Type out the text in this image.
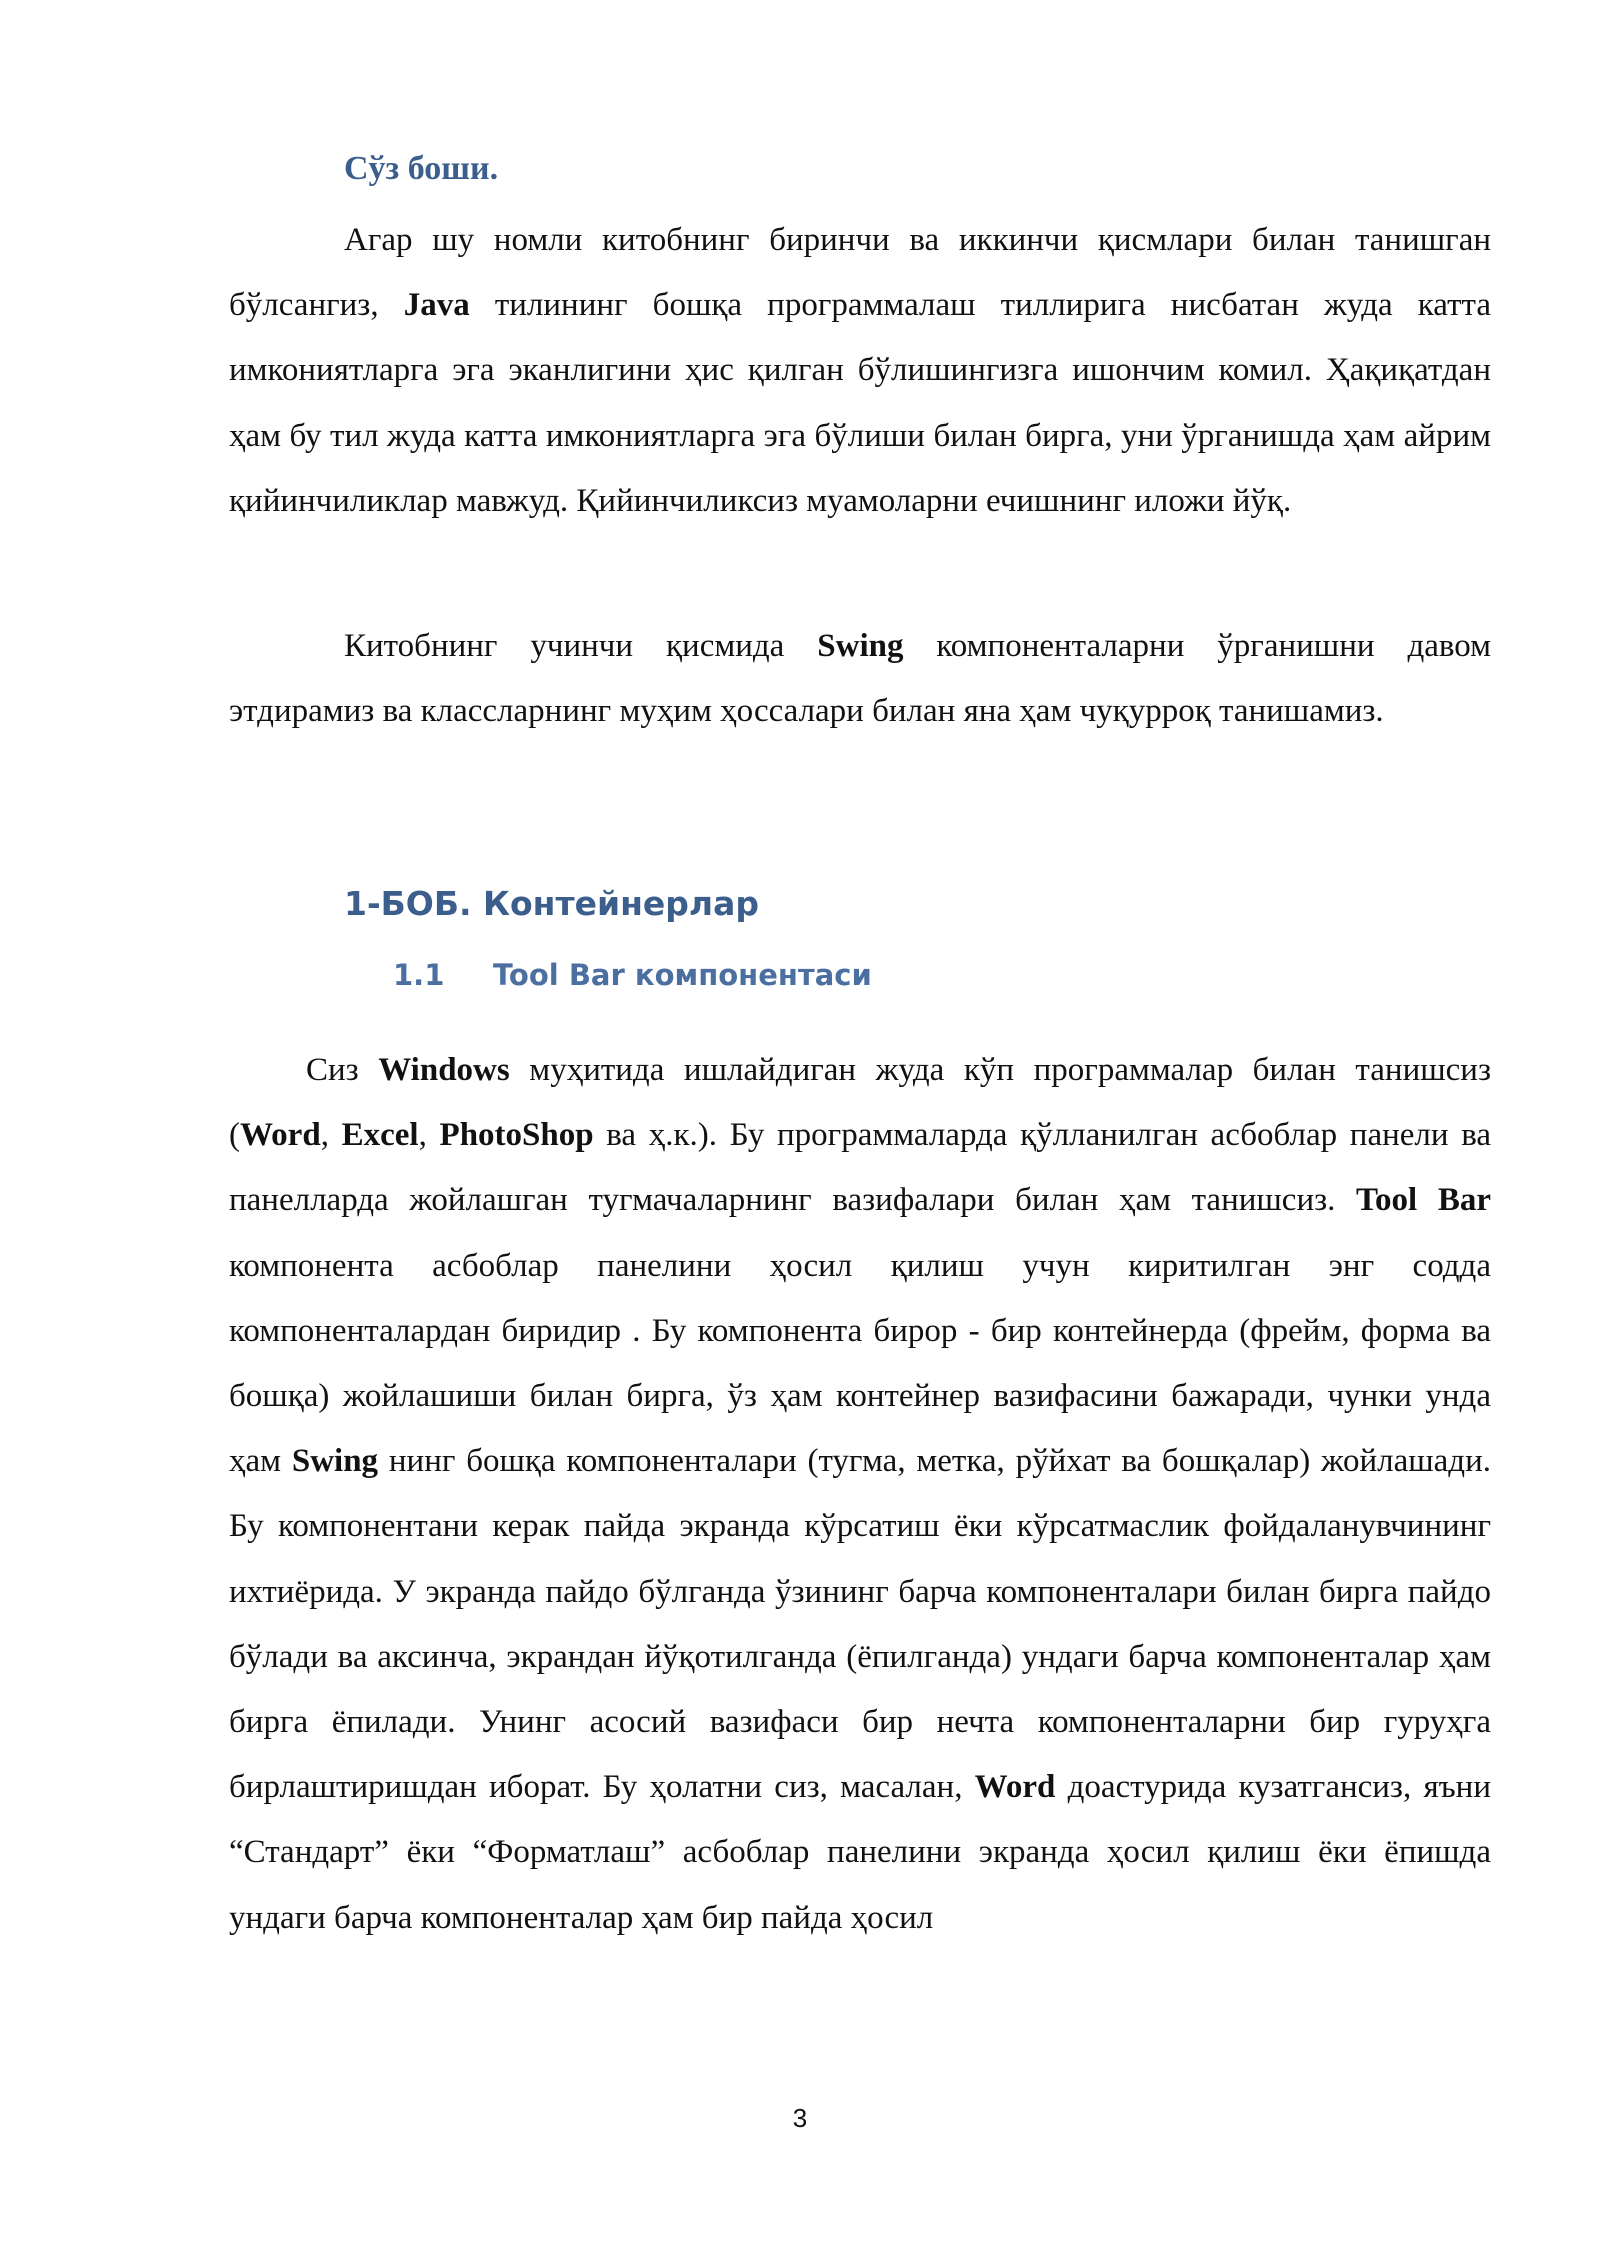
Сўз боши.

Агар шу номли китобнинг биринчи ва иккинчи қисмлари билан танишган бўлсангиз, Java тилининг бошқа программалаш тиллирига нисбатан жуда катта имкониятларга эга эканлигини ҳис қилган бўлишингизга ишончим комил. Ҳақиқатдан ҳам бу тил жуда катта имкониятларга эга бўлиши билан бирга, уни ўрганишда ҳам айрим қийинчиликлар мавжуд. Қийинчиликсиз муамоларни ечишнинг иложи йўқ.

Китобнинг учинчи қисмида Swing компоненталарни ўрганишни давом этдирамиз ва классларнинг муҳим ҳоссалари билан яна ҳам чуқурроқ танишамиз.

1-БОБ. Контейнерлар
1.1 Tool Bar компонентаси

Сиз Windows муҳитида ишлайдиган жуда кўп программалар билан танишсиз (Word, Excel, PhotoShop ва ҳ.к.). Бу программаларда қўлланилган асбоблар панели ва панелларда жойлашган тугмачаларнинг вазифалари билан ҳам танишсиз. Tool Bar компонента асбоблар панелини ҳосил қилиш учун киритилган энг содда компоненталардан биридир . Бу компонента бирор - бир контейнерда (фрейм, форма ва бошқа) жойлашиши билан бирга, ўз ҳам контейнер вазифасини бажаради, чунки унда ҳам Swing нинг бошқа компоненталари (тугма, метка, рўйхат ва бошқалар) жойлашади. Бу компонентани керак пайда экранда кўрсатиш ёки кўрсатмаслик фойдаланувчининг ихтиёрида. У экранда пайдо бўлганда ўзининг барча компоненталари билан бирга пайдо бўлади ва аксинча, экрандан йўқотилганда (ёпилганда) ундаги барча компоненталар ҳам бирга ёпилади. Унинг асосий вазифаси бир нечта компоненталарни бир гуруҳга бирлаштиришдан иборат. Бу ҳолатни сиз, масалан, Word доастурида кузатгансиз, яъни “Стандарт” ёки “Форматлаш” асбоблар панелини экранда ҳосил қилиш ёки ёпишда ундаги барча компоненталар ҳам бир пайда ҳосил

3
